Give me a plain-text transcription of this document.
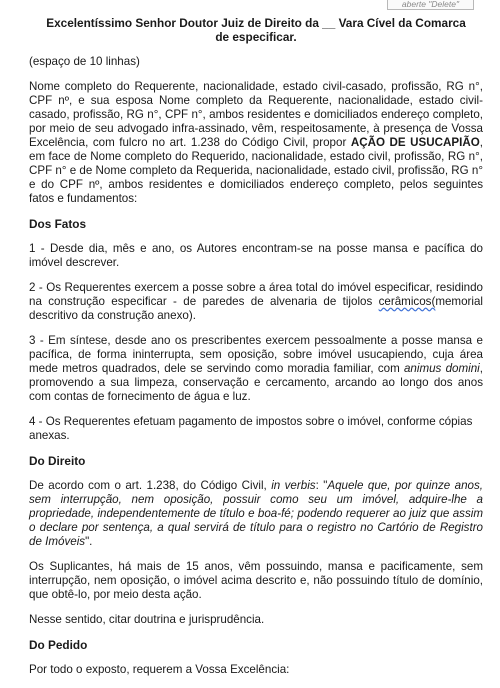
aberte "Delete"
Excelentíssimo Senhor Doutor Juiz de Direito da __ Vara Cível da Comarca de especificar.
(espaço de 10 linhas)
Nome completo do Requerente, nacionalidade, estado civil-casado, profissão, RG n°, CPF nº, e sua esposa Nome completo da Requerente, nacionalidade, estado civil-casado, profissão, RG n°, CPF n°, ambos residentes e domiciliados endereço completo, por meio de seu advogado infra-assinado, vêm, respeitosamente, à presença de Vossa Excelência, com fulcro no art. 1.238 do Código Civil, propor AÇÃO DE USUCAPIÃO, em face de Nome completo do Requerido, nacionalidade, estado civil, profissão, RG n°, CPF n° e de Nome completo da Requerida, nacionalidade, estado civil, profissão, RG n° e do CPF nº, ambos residentes e domiciliados endereço completo, pelos seguintes fatos e fundamentos:
Dos Fatos
1 - Desde dia, mês e ano, os Autores encontram-se na posse mansa e pacífica do imóvel descrever.
2 - Os Requerentes exercem a posse sobre a área total do imóvel especificar, residindo na construção especificar - de paredes de alvenaria de tijolos cerâmicos(memorial descritivo da construção anexo).
3 - Em síntese, desde ano os prescribentes exercem pessoalmente a posse mansa e pacífica, de forma ininterrupta, sem oposição, sobre imóvel usucapiendo, cuja área mede metros quadrados, dele se servindo como moradia familiar, com animus domini, promovendo a sua limpeza, conservação e cercamento, arcando ao longo dos anos com contas de fornecimento de água e luz.
4 - Os Requerentes efetuam pagamento de impostos sobre o imóvel, conforme cópias anexas.
Do Direito
De acordo com o art. 1.238, do Código Civil, in verbis: "Aquele que, por quinze anos, sem interrupção, nem oposição, possuir como seu um imóvel, adquire-lhe a propriedade, independentemente de título e boa-fé; podendo requerer ao juiz que assim o declare por sentença, a qual servirá de título para o registro no Cartório de Registro de Imóveis".
Os Suplicantes, há mais de 15 anos, vêm possuindo, mansa e pacificamente, sem interrupção, nem oposição, o imóvel acima descrito e, não possuindo título de domínio, que obtê-lo, por meio desta ação.
Nesse sentido, citar doutrina e jurisprudência.
Do Pedido
Por todo o exposto, requerem a Vossa Excelência:
